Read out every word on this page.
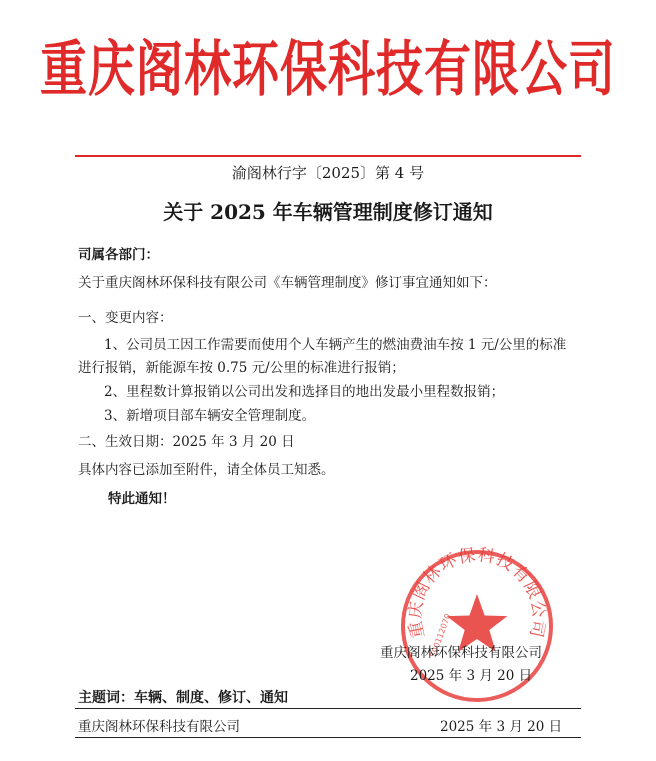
重庆阁林环保科技有限公司
渝阁林行字〔2025〕第 4 号
关于 2025 年车辆管理制度修订通知
司属各部门：
关于重庆阁林环保科技有限公司《车辆管理制度》修订事宜通知如下：
一、变更内容：
1、公司员工因工作需要而使用个人车辆产生的燃油费油车按 1 元/公里的标准
进行报销，新能源车按 0.75 元/公里的标准进行报销；
2、里程数计算报销以公司出发和选择目的地出发最小里程数报销；
3、新增项目部车辆安全管理制度。
二、生效日期：2025 年 3 月 20 日
具体内容已添加至附件，请全体员工知悉。
特此通知！
重庆阁林环保科技有限公司
500112070
重庆阁林环保科技有限公司
2025 年 3 月 20 日
主题词：车辆、制度、修订、通知
重庆阁林环保科技有限公司	2025 年 3 月 20 日
